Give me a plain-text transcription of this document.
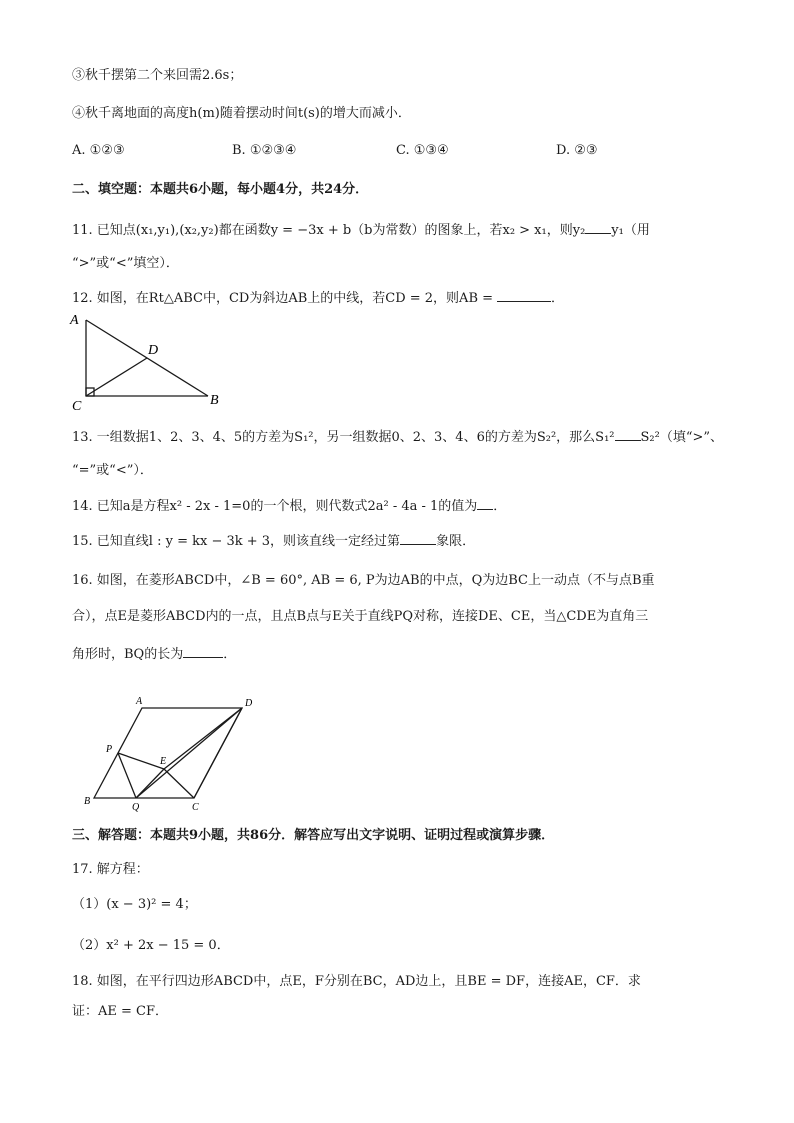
③秋千摆第二个来回需2.6s；
④秋千离地面的高度h(m)随着摆动时间t(s)的增大而减小．
A. ①②③	B. ①②③④	C. ①③④	D. ②③
二、填空题：本题共6小题，每小题4分，共24分．
11. 已知点(x₁,y₁),(x₂,y₂)都在函数y = −3x + b（b为常数）的图象上，若x₂ > x₁，则y₂ y₁（用
“>”或“<”填空）．
12. 如图，在Rt△ABC中，CD为斜边AB上的中线，若CD = 2，则AB =	．
A
D
C	B
13. 一组数据1、2、3、4、5的方差为S₁²，另一组数据0、2、3、4、6的方差为S₂²，那么S₁² S₂²（填“>”、
“=”或“<”）．
14. 已知a是方程x² - 2x - 1=0的一个根，则代数式2a² - 4a - 1的值为 ．
15. 已知直线l : y = kx − 3k + 3，则该直线一定经过第	象限．
16. 如图，在菱形ABCD中，∠B = 60°, AB = 6, P为边AB的中点，Q为边BC上一动点（不与点B重
合），点E是菱形ABCD内的一点，且点B点与E关于直线PQ对称，连接DE、CE，当△CDE为直角三
角形时，BQ的长为	．
A	D
P
E
B
Q	C
三、解答题：本题共9小题，共86分．解答应写出文字说明、证明过程或演算步骤．
17. 解方程：
（1）(x − 3)² = 4；
（2）x² + 2x − 15 = 0．
18. 如图，在平行四边形ABCD中，点E，F分别在BC，AD边上，且BE = DF，连接AE，CF．求
证：AE = CF．
